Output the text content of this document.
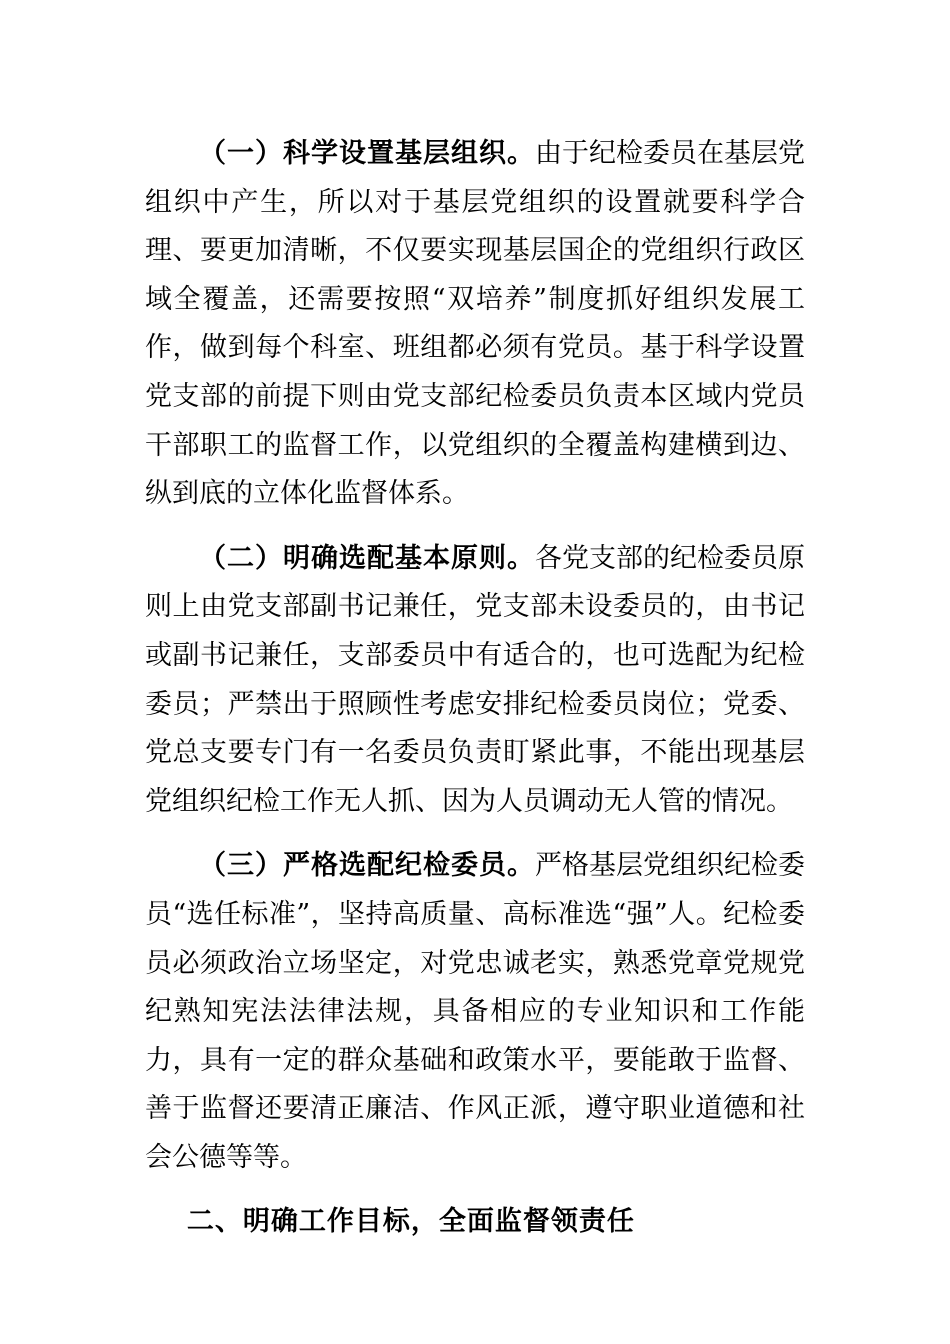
（一）科学设置基层组织。由于纪检委员在基层党组织中产生，所以对于基层党组织的设置就要科学合理、要更加清晰，不仅要实现基层国企的党组织行政区域全覆盖，还需要按照“双培养”制度抓好组织发展工作，做到每个科室、班组都必须有党员。基于科学设置党支部的前提下则由党支部纪检委员负责本区域内党员干部职工的监督工作，以党组织的全覆盖构建横到边、纵到底的立体化监督体系。

（二）明确选配基本原则。各党支部的纪检委员原则上由党支部副书记兼任，党支部未设委员的，由书记或副书记兼任，支部委员中有适合的，也可选配为纪检委员；严禁出于照顾性考虑安排纪检委员岗位；党委、党总支要专门有一名委员负责盯紧此事，不能出现基层党组织纪检工作无人抓、因为人员调动无人管的情况。

（三）严格选配纪检委员。严格基层党组织纪检委员“选任标准”，坚持高质量、高标准选“强”人。纪检委员必须政治立场坚定，对党忠诚老实，熟悉党章党规党纪熟知宪法法律法规，具备相应的专业知识和工作能力，具有一定的群众基础和政策水平，要能敢于监督、善于监督还要清正廉洁、作风正派，遵守职业道德和社会公德等等。

二、明确工作目标，全面监督领责任
